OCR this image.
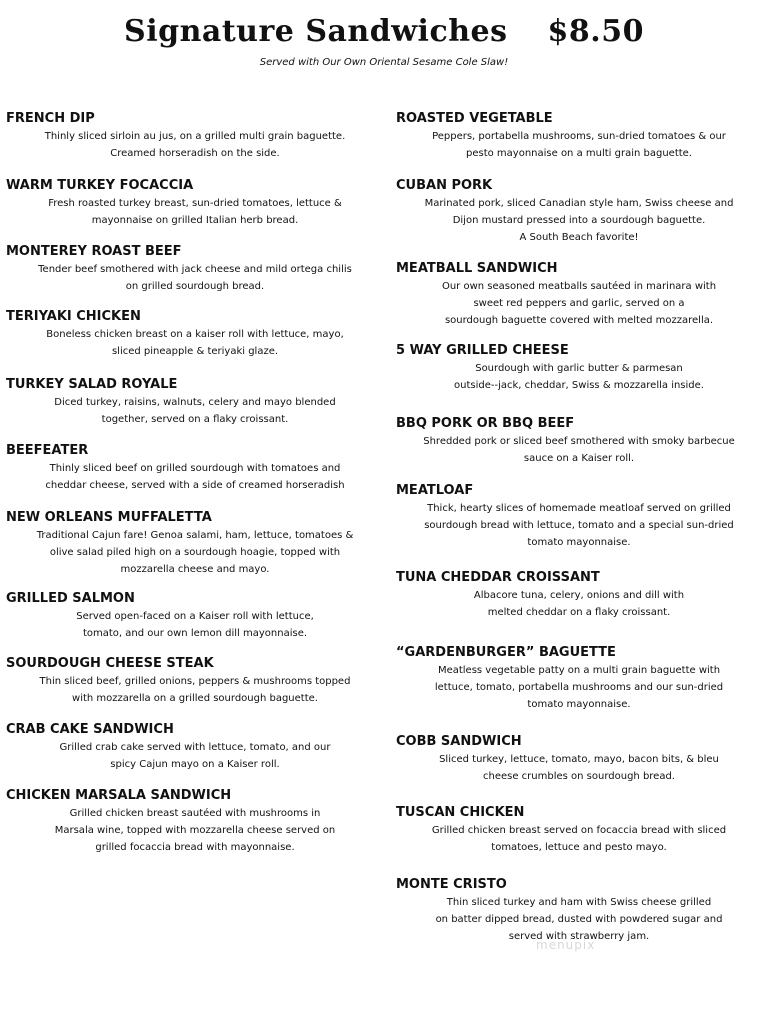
Signature Sandwiches $8.50
Served with Our Own Oriental Sesame Cole Slaw!
FRENCH DIP
Thinly sliced sirloin au jus, on a grilled multi grain baguette.
Creamed horseradish on the side.
WARM TURKEY FOCACCIA
Fresh roasted turkey breast, sun-dried tomatoes, lettuce &
mayonnaise on grilled Italian herb bread.
MONTEREY ROAST BEEF
Tender beef smothered with jack cheese and mild ortega chilis
on grilled sourdough bread.
TERIYAKI CHICKEN
Boneless chicken breast on a kaiser roll with lettuce, mayo,
sliced pineapple & teriyaki glaze.
TURKEY SALAD ROYALE
Diced turkey, raisins, walnuts, celery and mayo blended
together, served on a flaky croissant.
BEEFEATER
Thinly sliced beef on grilled sourdough with tomatoes and
cheddar cheese, served with a side of creamed horseradish
NEW ORLEANS MUFFALETTA
Traditional Cajun fare! Genoa salami, ham, lettuce, tomatoes &
olive salad piled high on a sourdough hoagie, topped with
mozzarella cheese and mayo.
GRILLED SALMON
Served open-faced on a Kaiser roll with lettuce,
tomato, and our own lemon dill mayonnaise.
SOURDOUGH CHEESE STEAK
Thin sliced beef, grilled onions, peppers & mushrooms topped
with mozzarella on a grilled sourdough baguette.
CRAB CAKE SANDWICH
Grilled crab cake served with lettuce, tomato, and our
spicy Cajun mayo on a Kaiser roll.
CHICKEN MARSALA SANDWICH
Grilled chicken breast sautéed with mushrooms in
Marsala wine, topped with mozzarella cheese served on
grilled focaccia bread with mayonnaise.
ROASTED VEGETABLE
Peppers, portabella mushrooms, sun-dried tomatoes & our
pesto mayonnaise on a multi grain baguette.
CUBAN PORK
Marinated pork, sliced Canadian style ham, Swiss cheese and
Dijon mustard pressed into a sourdough baguette.
A South Beach favorite!
MEATBALL SANDWICH
Our own seasoned meatballs sautéed in marinara with
sweet red peppers and garlic, served on a
sourdough baguette covered with melted mozzarella.
5 WAY GRILLED CHEESE
Sourdough with garlic butter & parmesan
outside--jack, cheddar, Swiss & mozzarella inside.
BBQ PORK OR BBQ BEEF
Shredded pork or sliced beef smothered with smoky barbecue
sauce on a Kaiser roll.
MEATLOAF
Thick, hearty slices of homemade meatloaf served on grilled
sourdough bread with lettuce, tomato and a special sun-dried
tomato mayonnaise.
TUNA CHEDDAR CROISSANT
Albacore tuna, celery, onions and dill with
melted cheddar on a flaky croissant.
“GARDENBURGER” BAGUETTE
Meatless vegetable patty on a multi grain baguette with
lettuce, tomato, portabella mushrooms and our sun-dried
tomato mayonnaise.
COBB SANDWICH
Sliced turkey, lettuce, tomato, mayo, bacon bits, & bleu
cheese crumbles on sourdough bread.
TUSCAN CHICKEN
Grilled chicken breast served on focaccia bread with sliced
tomatoes, lettuce and pesto mayo.
MONTE CRISTO
Thin sliced turkey and ham with Swiss cheese grilled
on batter dipped bread, dusted with powdered sugar and
served with strawberry jam.
menupix
